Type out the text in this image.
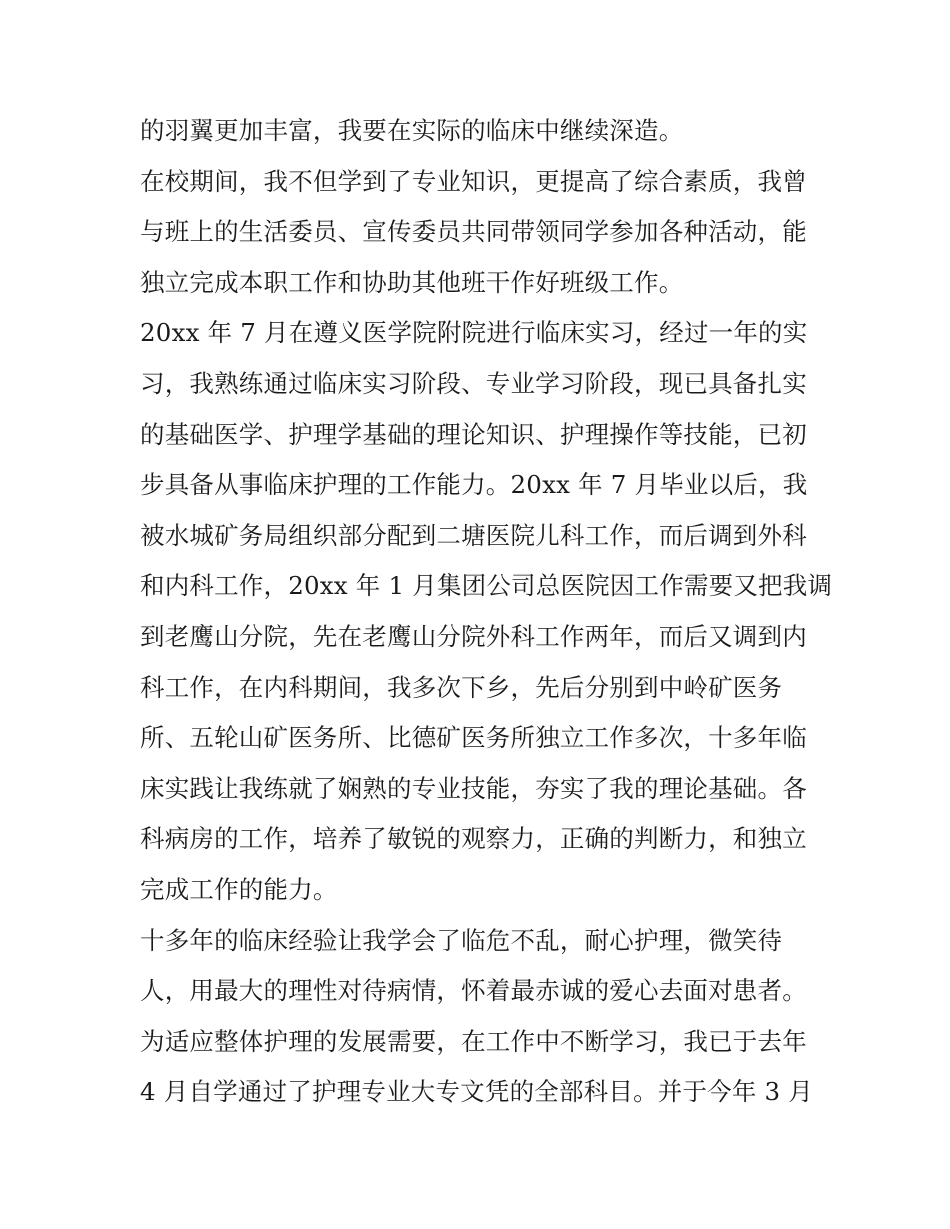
的羽翼更加丰富，我要在实际的临床中继续深造。
在校期间，我不但学到了专业知识，更提高了综合素质，我曾
与班上的生活委员、宣传委员共同带领同学参加各种活动，能
独立完成本职工作和协助其他班干作好班级工作。
20xx 年 7 月在遵义医学院附院进行临床实习，经过一年的实
习，我熟练通过临床实习阶段、专业学习阶段，现已具备扎实
的基础医学、护理学基础的理论知识、护理操作等技能，已初
步具备从事临床护理的工作能力。20xx 年 7 月毕业以后，我
被水城矿务局组织部分配到二塘医院儿科工作，而后调到外科
和内科工作，20xx 年 1 月集团公司总医院因工作需要又把我调
到老鹰山分院，先在老鹰山分院外科工作两年，而后又调到内
科工作，在内科期间，我多次下乡，先后分别到中岭矿医务
所、五轮山矿医务所、比德矿医务所独立工作多次，十多年临
床实践让我练就了娴熟的专业技能，夯实了我的理论基础。各
科病房的工作，培养了敏锐的观察力，正确的判断力，和独立
完成工作的能力。
十多年的临床经验让我学会了临危不乱，耐心护理，微笑待
人，用最大的理性对待病情，怀着最赤诚的爱心去面对患者。
为适应整体护理的发展需要，在工作中不断学习，我已于去年
4 月自学通过了护理专业大专文凭的全部科目。并于今年 3 月
